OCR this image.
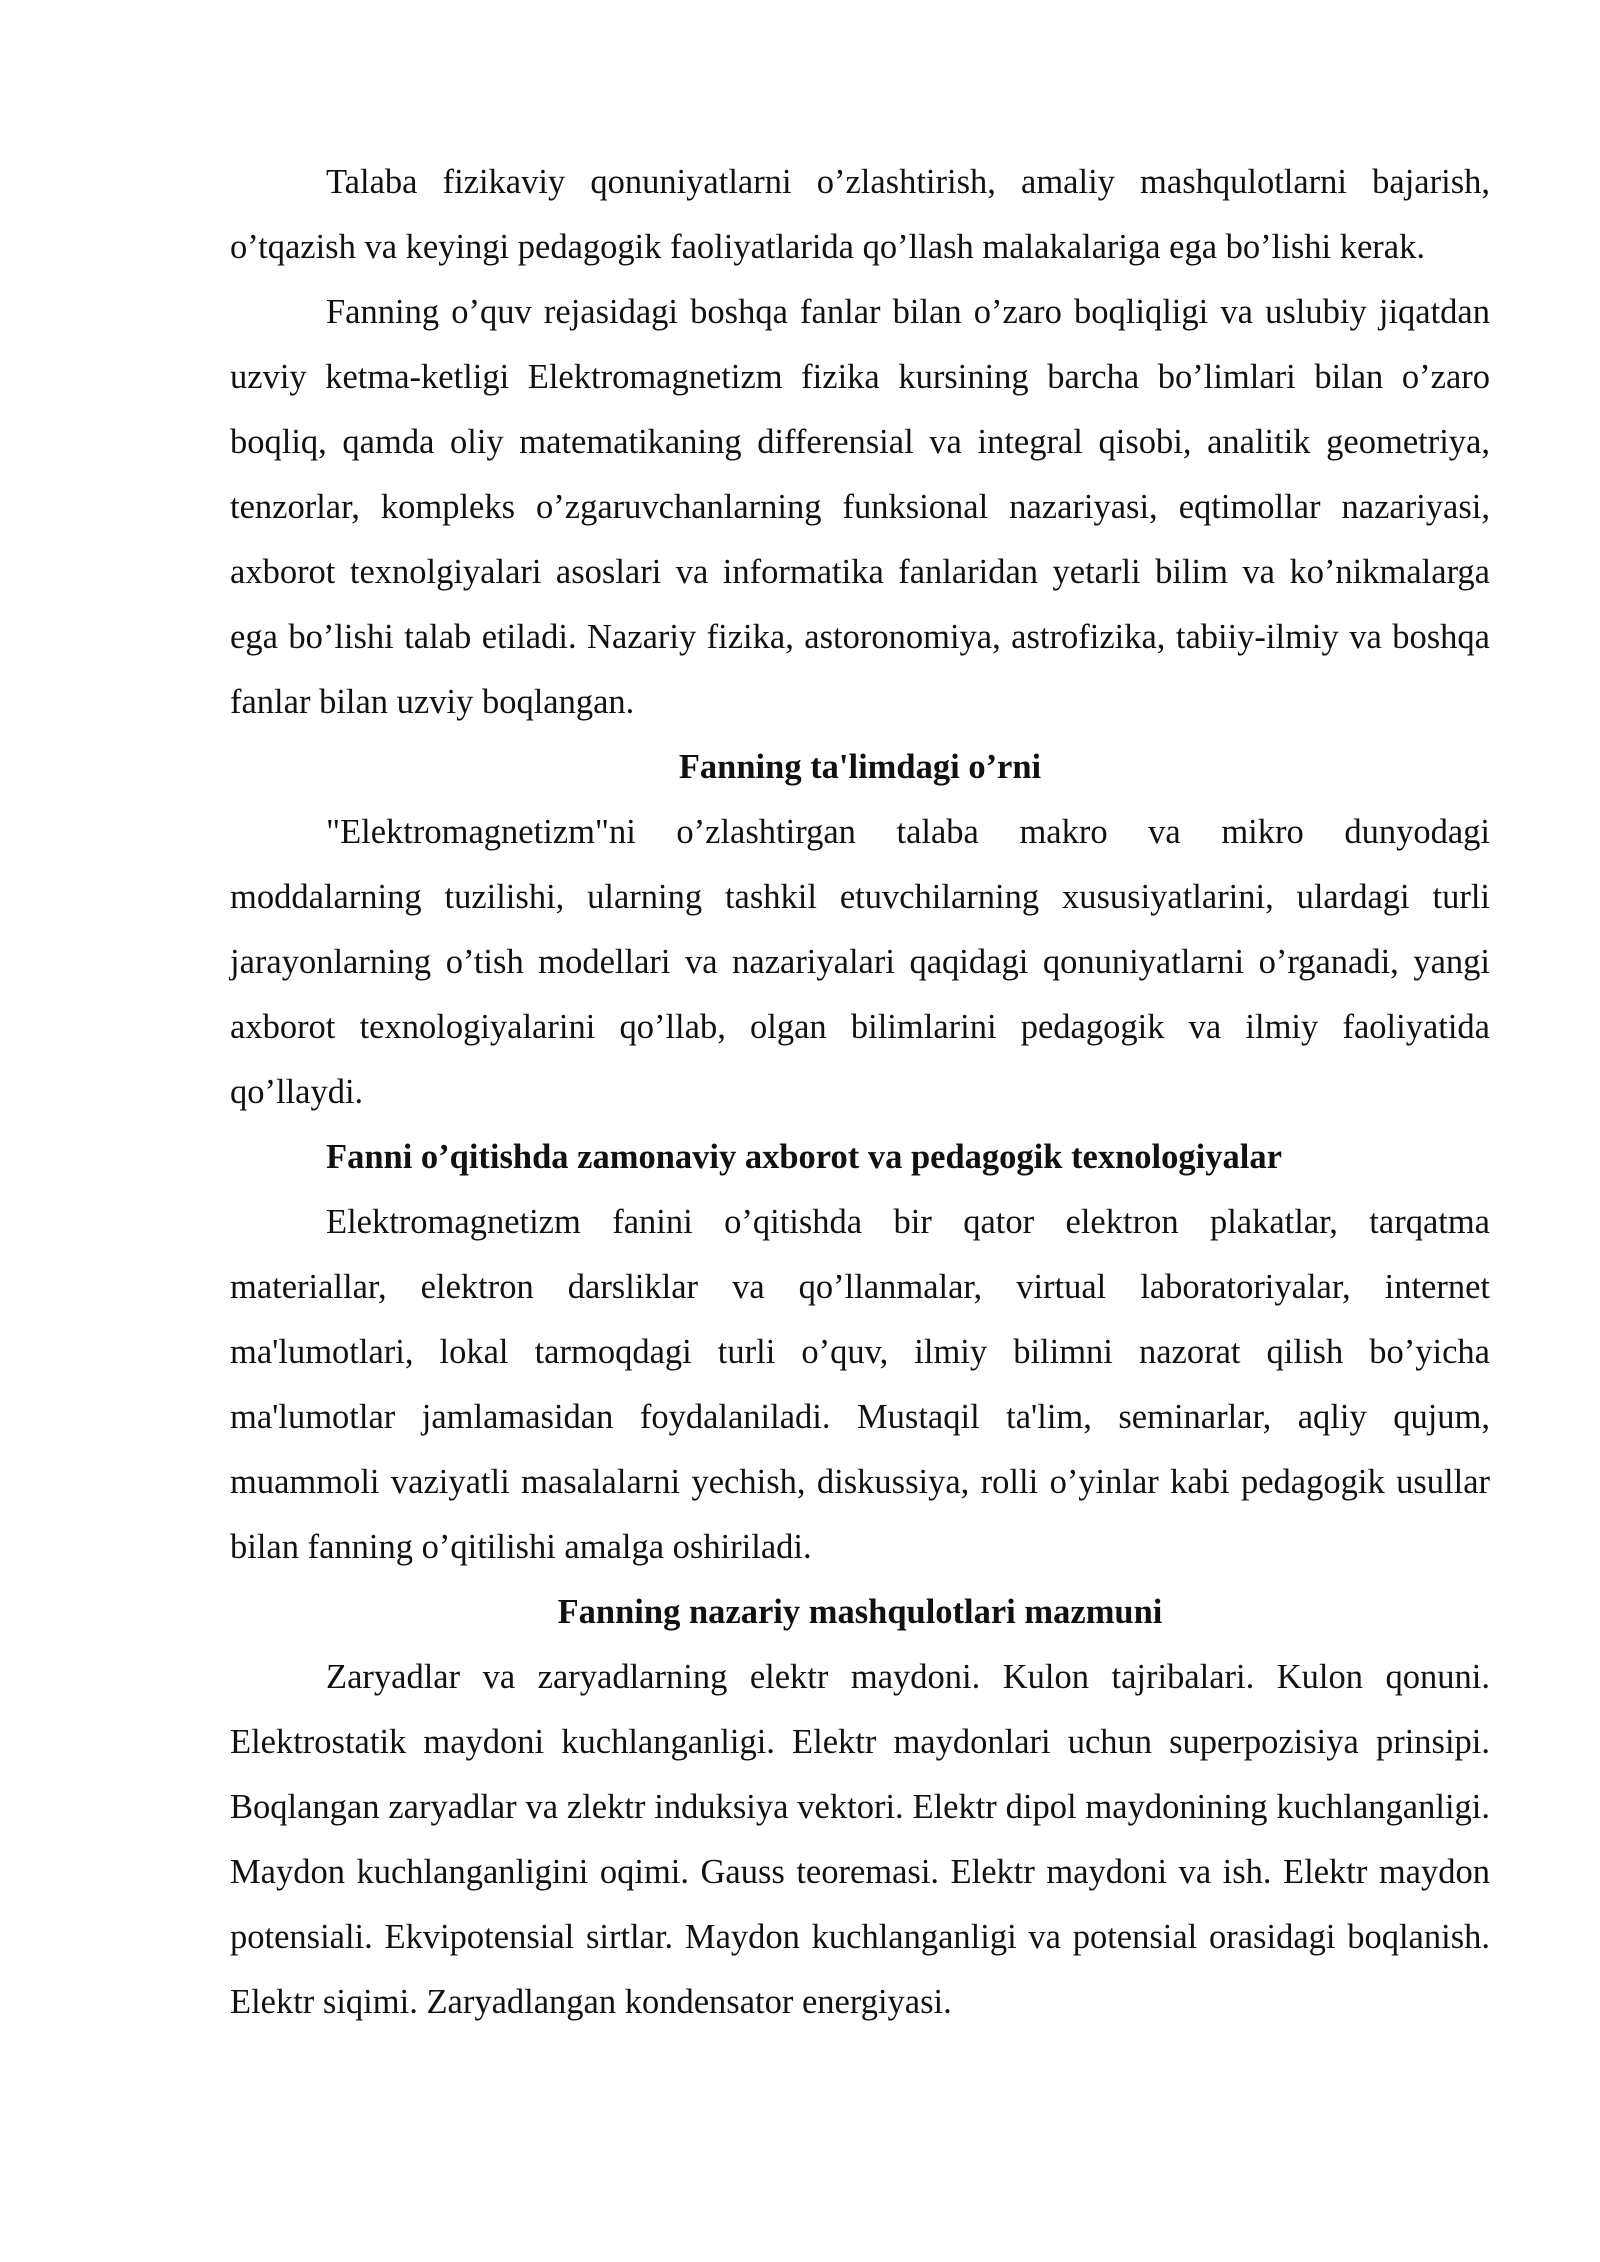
Talaba fizikaviy qonuniyatlarni o’zlashtirish, amaliy mashqulotlarni bajarish, o’tqazish va keyingi pedagogik faoliyatlarida qo’llash malakalariga ega bo’lishi kerak.

Fanning o’quv rejasidagi boshqa fanlar bilan o’zaro boqliqligi va uslubiy jiqatdan uzviy ketma-ketligi Elektromagnetizm fizika kursining barcha bo’limlari bilan o’zaro boqliq, qamda oliy matematikaning differensial va integral qisobi, analitik geometriya, tenzorlar, kompleks o’zgaruvchanlarning funksional nazariyasi, eqtimollar nazariyasi, axborot texnolgiyalari asoslari va informatika fanlaridan yetarli bilim va ko’nikmalarga ega bo’lishi talab etiladi. Nazariy fizika, astoronomiya, astrofizika, tabiiy-ilmiy va boshqa fanlar bilan uzviy boqlangan.

Fanning ta'limdagi o’rni

"Elektromagnetizm"ni o’zlashtirgan talaba makro va mikro dunyodagi moddalarning tuzilishi, ularning tashkil etuvchilarning xususiyatlarini, ulardagi turli jarayonlarning o’tish modellari va nazariyalari qaqidagi qonuniyatlarni o’rganadi, yangi axborot texnologiyalarini qo’llab, olgan bilimlarini pedagogik va ilmiy faoliyatida qo’llaydi.

Fanni o’qitishda zamonaviy axborot va pedagogik texnologiyalar

Elektromagnetizm fanini o’qitishda bir qator elektron plakatlar, tarqatma materiallar, elektron darsliklar va qo’llanmalar, virtual laboratoriyalar, internet ma'lumotlari, lokal tarmoqdagi turli o’quv, ilmiy bilimni nazorat qilish bo’yicha ma'lumotlar jamlamasidan foydalaniladi. Mustaqil ta'lim, seminarlar, aqliy qujum, muammoli vaziyatli masalalarni yechish, diskussiya, rolli o’yinlar kabi pedagogik usullar bilan fanning o’qitilishi amalga oshiriladi.

Fanning nazariy mashqulotlari mazmuni

Zaryadlar va zaryadlarning elektr maydoni. Kulon tajribalari. Kulon qonuni. Elektrostatik maydoni kuchlanganligi. Elektr maydonlari uchun superpozisiya prinsipi. Boqlangan zaryadlar va zlektr induksiya vektori. Elektr dipol maydonining kuchlanganligi. Maydon kuchlanganligini oqimi. Gauss teoremasi. Elektr maydoni va ish. Elektr maydon potensiali. Ekvipotensial sirtlar. Maydon kuchlanganligi va potensial orasidagi boqlanish. Elektr siqimi. Zaryadlangan kondensator energiyasi.
